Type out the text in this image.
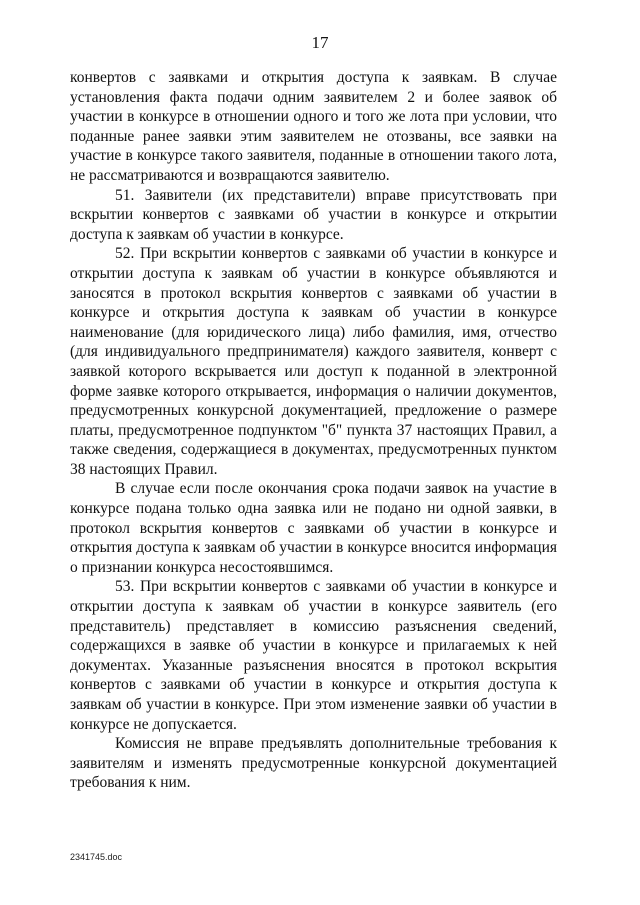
17

конвертов с заявками и открытия доступа к заявкам. В случае установления факта подачи одним заявителем 2 и более заявок об участии в конкурсе в отношении одного и того же лота при условии, что поданные ранее заявки этим заявителем не отозваны, все заявки на участие в конкурсе такого заявителя, поданные в отношении такого лота, не рассматриваются и возвращаются заявителю.

51. Заявители (их представители) вправе присутствовать при вскрытии конвертов с заявками об участии в конкурсе и открытии доступа к заявкам об участии в конкурсе.

52. При вскрытии конвертов с заявками об участии в конкурсе и открытии доступа к заявкам об участии в конкурсе объявляются и заносятся в протокол вскрытия конвертов с заявками об участии в конкурсе и открытия доступа к заявкам об участии в конкурсе наименование (для юридического лица) либо фамилия, имя, отчество (для индивидуального предпринимателя) каждого заявителя, конверт с заявкой которого вскрывается или доступ к поданной в электронной форме заявке которого открывается, информация о наличии документов, предусмотренных конкурсной документацией, предложение о размере платы, предусмотренное подпунктом "б" пункта 37 настоящих Правил, а также сведения, содержащиеся в документах, предусмотренных пунктом 38 настоящих Правил.

В случае если после окончания срока подачи заявок на участие в конкурсе подана только одна заявка или не подано ни одной заявки, в протокол вскрытия конвертов с заявками об участии в конкурсе и открытия доступа к заявкам об участии в конкурсе вносится информация о признании конкурса несостоявшимся.

53. При вскрытии конвертов с заявками об участии в конкурсе и открытии доступа к заявкам об участии в конкурсе заявитель (его представитель) представляет в комиссию разъяснения сведений, содержащихся в заявке об участии в конкурсе и прилагаемых к ней документах. Указанные разъяснения вносятся в протокол вскрытия конвертов с заявками об участии в конкурсе и открытия доступа к заявкам об участии в конкурсе. При этом изменение заявки об участии в конкурсе не допускается.

Комиссия не вправе предъявлять дополнительные требования к заявителям и изменять предусмотренные конкурсной документацией требования к ним.

2341745.doc
